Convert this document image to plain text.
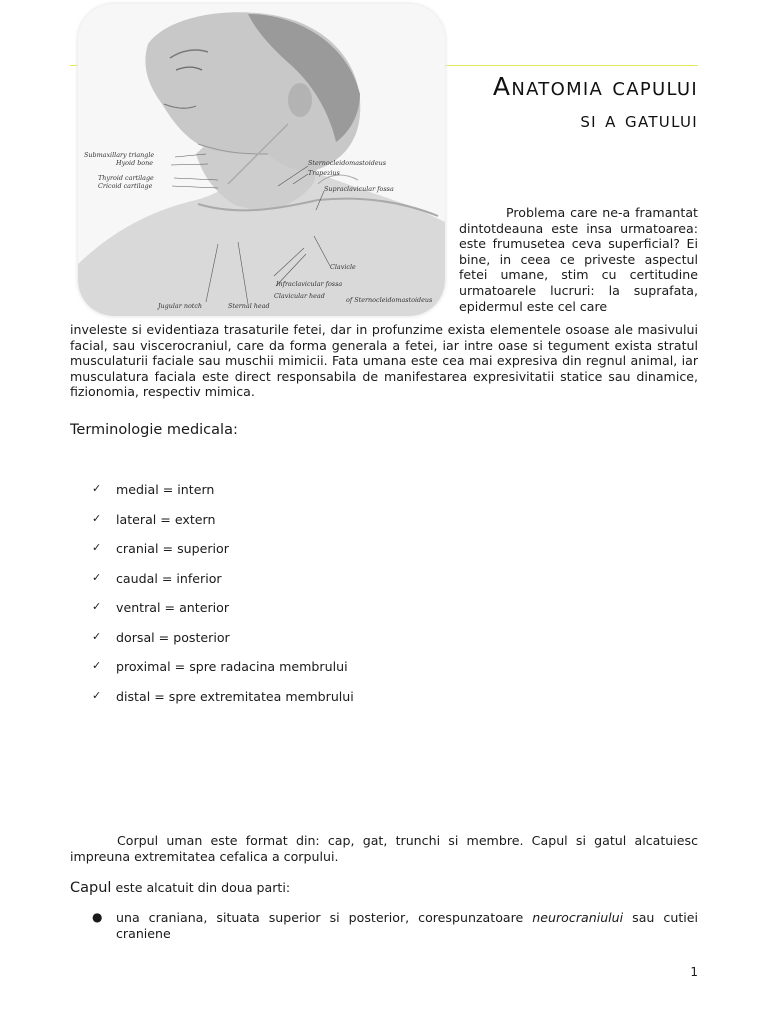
Submaxillary triangle
Hyoid bone
Thyroid cartilage
Cricoid cartilage
Sternocleidomastoideus
Trapezius
Supraclavicular fossa
Clavicle
Infraclavicular fossa
Clavicular head	of Sternocleidomastoideus
Jugular notch	Sternal head
Anatomia capului
si a gatului
Problema care ne-a framantat dintotdeauna este insa urmatoarea: este frumusetea ceva superficial? Ei bine, in ceea ce priveste aspectul fetei umane, stim cu certitudine urmatoarele lucruri: la suprafata, epidermul este cel care
inveleste si evidentiaza trasaturile fetei, dar in profunzime exista elementele osoase ale masivului facial, sau viscerocraniul, care da forma generala a fetei, iar intre oase si tegument exista stratul musculaturii faciale sau muschii mimicii. Fata umana este cea mai expresiva din regnul animal, iar musculatura faciala este direct responsabila de manifestarea expresivitatii statice sau dinamice, fizionomia, respectiv mimica.
Terminologie medicala:
✓	medial = intern
✓	lateral = extern
✓	cranial = superior
✓	caudal = inferior
✓	ventral = anterior
✓	dorsal = posterior
✓	proximal = spre radacina membrului
✓	distal = spre extremitatea membrului
Corpul uman este format din: cap, gat, trunchi si membre. Capul si gatul alcatuiesc impreuna extremitatea cefalica a corpului.
Capul este alcatuit din doua parti:
●	una craniana, situata superior si posterior, corespunzatoare neurocraniului sau cutiei craniene
1
